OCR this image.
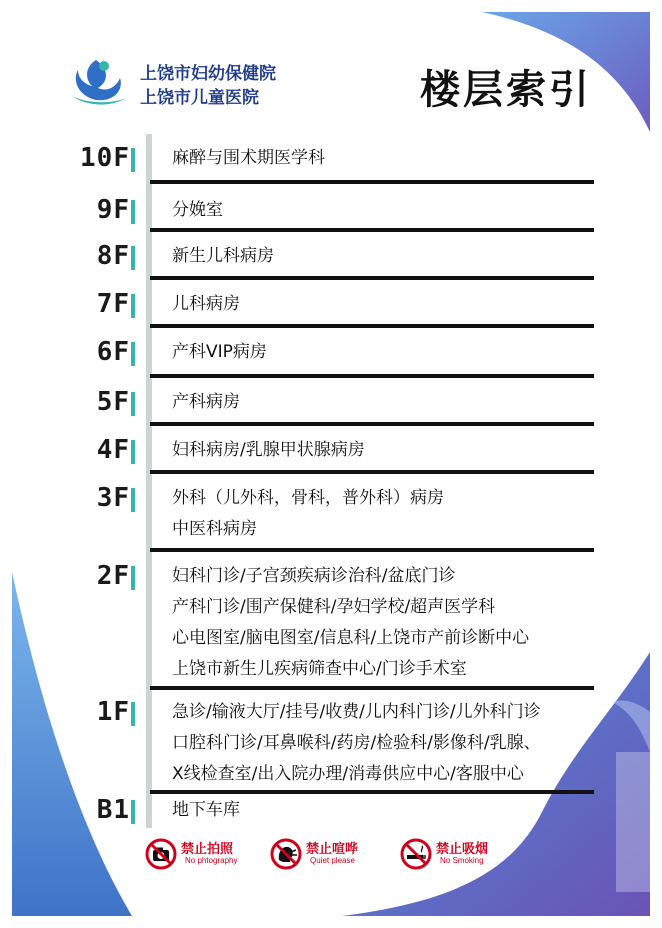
上饶市妇幼保健院
上饶市儿童医院	楼层索引
10F 麻醉与围术期医学科
9F 分娩室
8F 新生儿科病房
7F 儿科病房
6F 产科VIP病房
5F 产科病房
4F 妇科病房/乳腺甲状腺病房
3F 外科（儿外科，骨科，普外科）病房
中医科病房
2F 妇科门诊/子宫颈疾病诊治科/盆底门诊
产科门诊/围产保健科/孕妇学校/超声医学科
心电图室/脑电图室/信息科/上饶市产前诊断中心
上饶市新生儿疾病筛查中心/门诊手术室
1F 急诊/输液大厅/挂号/收费/儿内科门诊/儿外科门诊
口腔科门诊/耳鼻喉科/药房/检验科/影像科/乳腺、
X线检查室/出入院办理/消毒供应中心/客服中心
B1 地下车库
禁止拍照
No phtography
禁止喧哗
Quiet please
禁止吸烟
No Smoking
